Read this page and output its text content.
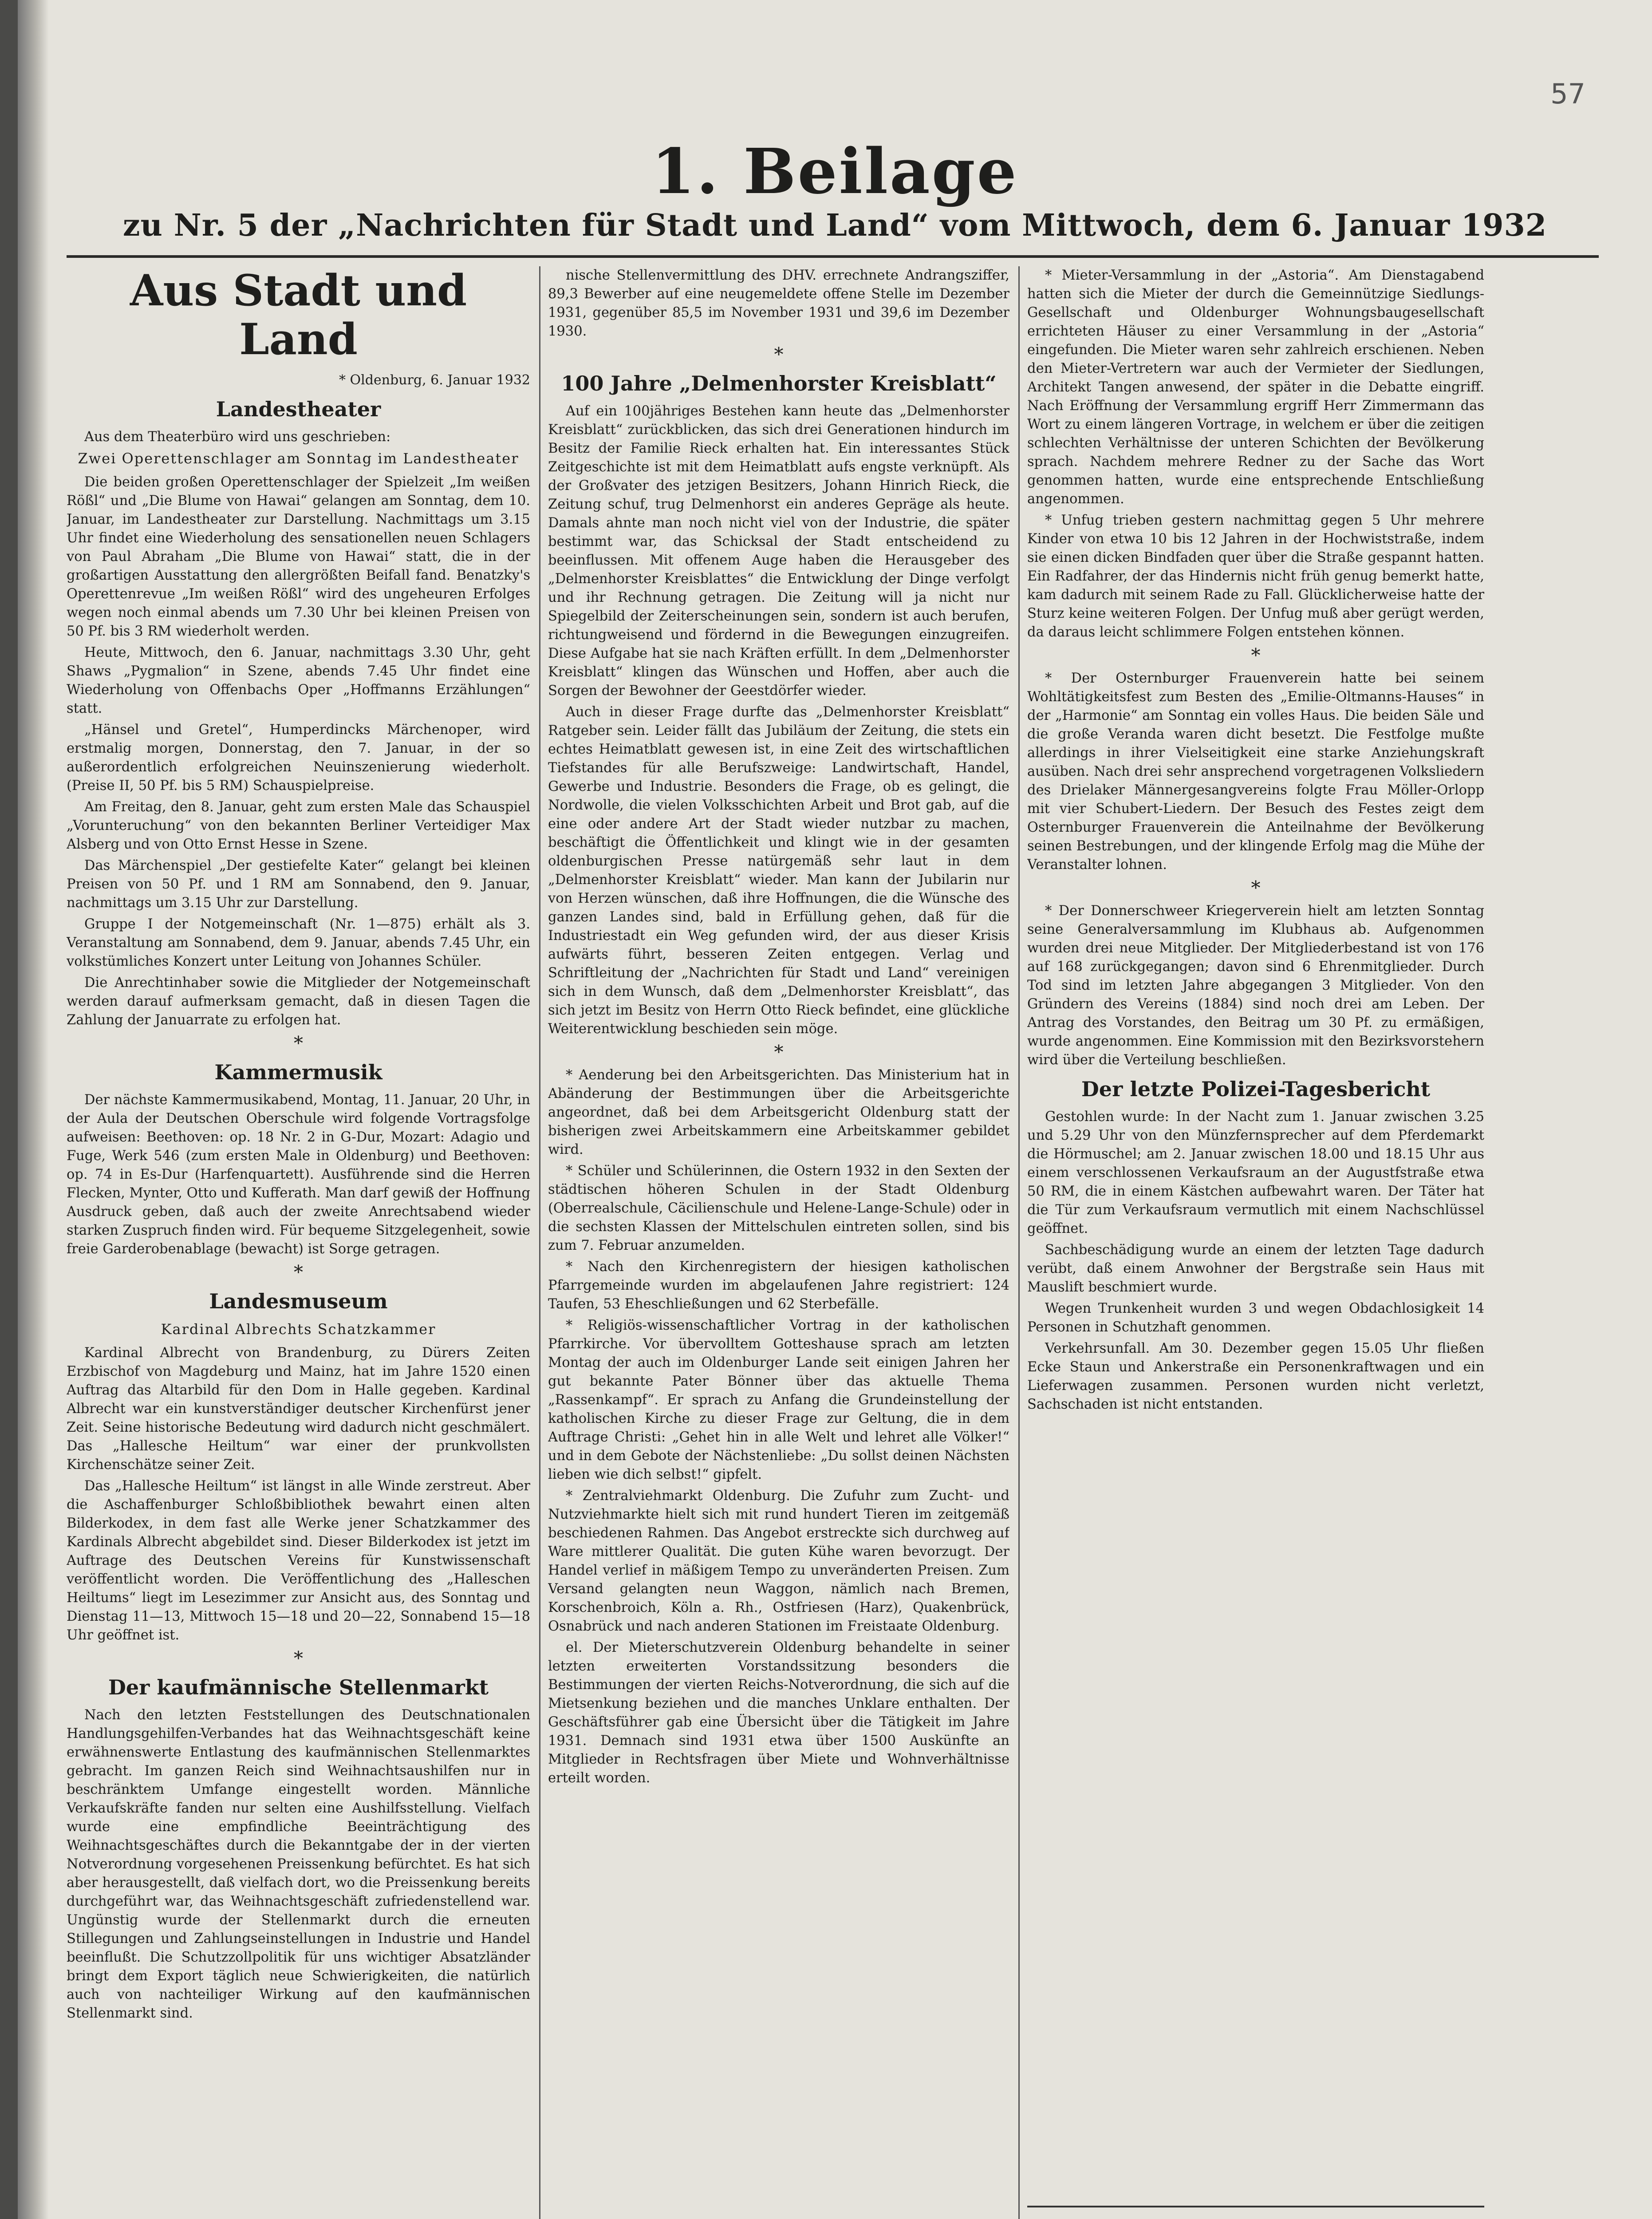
57
1. Beilage
zu Nr. 5 der „Nachrichten für Stadt und Land“ vom Mittwoch, dem 6. Januar 1932
Aus Stadt und Land
* Oldenburg, 6. Januar 1932
Landestheater

Aus dem Theaterbüro wird uns geschrieben:

Zwei Operettenschlager am Sonntag im Landestheater

Die beiden großen Operettenschlager der Spielzeit „Im weißen Rößl“ und „Die Blume von Hawai“ gelangen am Sonntag, dem 10. Januar, im Landestheater zur Darstellung. Nachmittags um 3.15 Uhr findet eine Wiederholung des sensationellen neuen Schlagers von Paul Abraham „Die Blume von Hawai“ statt, die in der großartigen Ausstattung den allergrößten Beifall fand. Benatzky's Operettenrevue „Im weißen Rößl“ wird des ungeheuren Erfolges wegen noch einmal abends um 7.30 Uhr bei kleinen Preisen von 50 Pf. bis 3 RM wiederholt werden.

Heute, Mittwoch, den 6. Januar, nachmittags 3.30 Uhr, geht Shaws „Pygmalion“ in Szene, abends 7.45 Uhr findet eine Wiederholung von Offenbachs Oper „Hoffmanns Erzählungen“ statt.

„Hänsel und Gretel“, Humperdincks Märchenoper, wird erstmalig morgen, Donnerstag, den 7. Januar, in der so außerordentlich erfolgreichen Neuinszenierung wiederholt. (Preise II, 50 Pf. bis 5 RM) Schauspielpreise.

Am Freitag, den 8. Januar, geht zum ersten Male das Schauspiel „Vorunteruchung“ von den bekannten Berliner Verteidiger Max Alsberg und von Otto Ernst Hesse in Szene.

Das Märchenspiel „Der gestiefelte Kater“ gelangt bei kleinen Preisen von 50 Pf. und 1 RM am Sonnabend, den 9. Januar, nachmittags um 3.15 Uhr zur Darstellung.

Gruppe I der Notgemeinschaft (Nr. 1—875) erhält als 3. Veranstaltung am Sonnabend, dem 9. Januar, abends 7.45 Uhr, ein volkstümliches Konzert unter Leitung von Johannes Schüler.

Die Anrechtinhaber sowie die Mitglieder der Notgemeinschaft werden darauf aufmerksam gemacht, daß in diesen Tagen die Zahlung der Januarrate zu erfolgen hat.

*
Kammermusik

Der nächste Kammermusikabend, Montag, 11. Januar, 20 Uhr, in der Aula der Deutschen Oberschule wird folgende Vortragsfolge aufweisen: Beethoven: op. 18 Nr. 2 in G-Dur, Mozart: Adagio und Fuge, Werk 546 (zum ersten Male in Oldenburg) und Beethoven: op. 74 in Es-Dur (Harfenquartett). Ausführende sind die Herren Flecken, Mynter, Otto und Kufferath. Man darf gewiß der Hoffnung Ausdruck geben, daß auch der zweite Anrechtsabend wieder starken Zuspruch finden wird. Für bequeme Sitzgelegenheit, sowie freie Garderobenablage (bewacht) ist Sorge getragen.

*
Landesmuseum
Kardinal Albrechts Schatzkammer

Kardinal Albrecht von Brandenburg, zu Dürers Zeiten Erzbischof von Magdeburg und Mainz, hat im Jahre 1520 einen Auftrag das Altarbild für den Dom in Halle gegeben. Kardinal Albrecht war ein kunstverständiger deutscher Kirchenfürst jener Zeit. Seine historische Bedeutung wird dadurch nicht geschmälert. Das „Hallesche Heiltum“ war einer der prunkvollsten Kirchenschätze seiner Zeit.

Das „Hallesche Heiltum“ ist längst in alle Winde zerstreut. Aber die Aschaffenburger Schloßbibliothek bewahrt einen alten Bilderkodex, in dem fast alle Werke jener Schatzkammer des Kardinals Albrecht abgebildet sind. Dieser Bilderkodex ist jetzt im Auftrage des Deutschen Vereins für Kunstwissenschaft veröffentlicht worden. Die Veröffentlichung des „Halleschen Heiltums“ liegt im Lesezimmer zur Ansicht aus, des Sonntag und Dienstag 11—13, Mittwoch 15—18 und 20—22, Sonnabend 15—18 Uhr geöffnet ist.

*
Der kaufmännische Stellenmarkt

Nach den letzten Feststellungen des Deutschnationalen Handlungsgehilfen-Verbandes hat das Weihnachtsgeschäft keine erwähnenswerte Entlastung des kaufmännischen Stellenmarktes gebracht. Im ganzen Reich sind Weihnachtsaushilfen nur in beschränktem Umfange eingestellt worden. Männliche Verkaufskräfte fanden nur selten eine Aushilfsstellung. Vielfach wurde eine empfindliche Beeinträchtigung des Weihnachtsgeschäftes durch die Bekanntgabe der in der vierten Notverordnung vorgesehenen Preissenkung befürchtet. Es hat sich aber herausgestellt, daß vielfach dort, wo die Preissenkung bereits durchgeführt war, das Weihnachtsgeschäft zufriedenstellend war. Ungünstig wurde der Stellenmarkt durch die erneuten Stillegungen und Zahlungseinstellungen in Industrie und Handel beeinflußt. Die Schutzzollpolitik für uns wichtiger Absatzländer bringt dem Export täglich neue Schwierigkeiten, die natürlich auch von nachteiliger Wirkung auf den kaufmännischen Stellenmarkt sind.

nische Stellenvermittlung des DHV. errechnete Andrangsziffer, 89,3 Bewerber auf eine neugemeldete offene Stelle im Dezember 1931, gegenüber 85,5 im November 1931 und 39,6 im Dezember 1930.

*
100 Jahre „Delmenhorster Kreisblatt“

Auf ein 100jähriges Bestehen kann heute das „Delmenhorster Kreisblatt“ zurückblicken, das sich drei Generationen hindurch im Besitz der Familie Rieck erhalten hat. Ein interessantes Stück Zeitgeschichte ist mit dem Heimatblatt aufs engste verknüpft. Als der Großvater des jetzigen Besitzers, Johann Hinrich Rieck, die Zeitung schuf, trug Delmenhorst ein anderes Gepräge als heute. Damals ahnte man noch nicht viel von der Industrie, die später bestimmt war, das Schicksal der Stadt entscheidend zu beeinflussen. Mit offenem Auge haben die Herausgeber des „Delmenhorster Kreisblattes“ die Entwicklung der Dinge verfolgt und ihr Rechnung getragen. Die Zeitung will ja nicht nur Spiegelbild der Zeiterscheinungen sein, sondern ist auch berufen, richtungweisend und fördernd in die Bewegungen einzugreifen. Diese Aufgabe hat sie nach Kräften erfüllt. In dem „Delmenhorster Kreisblatt“ klingen das Wünschen und Hoffen, aber auch die Sorgen der Bewohner der Geestdörfer wieder.

Auch in dieser Frage durfte das „Delmenhorster Kreisblatt“ Ratgeber sein. Leider fällt das Jubiläum der Zeitung, die stets ein echtes Heimatblatt gewesen ist, in eine Zeit des wirtschaftlichen Tiefstandes für alle Berufszweige: Landwirtschaft, Handel, Gewerbe und Industrie. Besonders die Frage, ob es gelingt, die Nordwolle, die vielen Volksschichten Arbeit und Brot gab, auf die eine oder andere Art der Stadt wieder nutzbar zu machen, beschäftigt die Öffentlichkeit und klingt wie in der gesamten oldenburgischen Presse natürgemäß sehr laut in dem „Delmenhorster Kreisblatt“ wieder. Man kann der Jubilarin nur von Herzen wünschen, daß ihre Hoffnungen, die die Wünsche des ganzen Landes sind, bald in Erfüllung gehen, daß für die Industriestadt ein Weg gefunden wird, der aus dieser Krisis aufwärts führt, besseren Zeiten entgegen. Verlag und Schriftleitung der „Nachrichten für Stadt und Land“ vereinigen sich in dem Wunsch, daß dem „Delmenhorster Kreisblatt“, das sich jetzt im Besitz von Herrn Otto Rieck befindet, eine glückliche Weiterentwicklung beschieden sein möge.

*

* Aenderung bei den Arbeitsgerichten. Das Ministerium hat in Abänderung der Bestimmungen über die Arbeitsgerichte angeordnet, daß bei dem Arbeitsgericht Oldenburg statt der bisherigen zwei Arbeitskammern eine Arbeitskammer gebildet wird.

* Schüler und Schülerinnen, die Ostern 1932 in den Sexten der städtischen höheren Schulen in der Stadt Oldenburg (Oberrealschule, Cäcilienschule und Helene-Lange-Schule) oder in die sechsten Klassen der Mittelschulen eintreten sollen, sind bis zum 7. Februar anzumelden.

* Nach den Kirchenregistern der hiesigen katholischen Pfarrgemeinde wurden im abgelaufenen Jahre registriert: 124 Taufen, 53 Eheschließungen und 62 Sterbefälle.

* Religiös-wissenschaftlicher Vortrag in der katholischen Pfarrkirche. Vor übervolltem Gotteshause sprach am letzten Montag der auch im Oldenburger Lande seit einigen Jahren her gut bekannte Pater Bönner über das aktuelle Thema „Rassenkampf“. Er sprach zu Anfang die Grundeinstellung der katholischen Kirche zu dieser Frage zur Geltung, die in dem Auftrage Christi: „Gehet hin in alle Welt und lehret alle Völker!“ und in dem Gebote der Nächstenliebe: „Du sollst deinen Nächsten lieben wie dich selbst!“ gipfelt.

* Zentralviehmarkt Oldenburg. Die Zufuhr zum Zucht- und Nutzviehmarkte hielt sich mit rund hundert Tieren im zeitgemäß beschiedenen Rahmen. Das Angebot erstreckte sich durchweg auf Ware mittlerer Qualität. Die guten Kühe waren bevorzugt. Der Handel verlief in mäßigem Tempo zu unveränderten Preisen. Zum Versand gelangten neun Waggon, nämlich nach Bremen, Korschenbroich, Köln a. Rh., Ostfriesen (Harz), Quakenbrück, Osnabrück und nach anderen Stationen im Freistaate Oldenburg.

el. Der Mieterschutzverein Oldenburg behandelte in seiner letzten erweiterten Vorstandssitzung besonders die Bestimmungen der vierten Reichs-Notverordnung, die sich auf die Mietsenkung beziehen und die manches Unklare enthalten. Der Geschäftsführer gab eine Übersicht über die Tätigkeit im Jahre 1931. Demnach sind 1931 etwa über 1500 Auskünfte an Mitglieder in Rechtsfragen über Miete und Wohnverhältnisse erteilt worden.

* Mieter-Versammlung in der „Astoria“. Am Dienstagabend hatten sich die Mieter der durch die Gemeinnützige Siedlungs-Gesellschaft und Oldenburger Wohnungsbaugesellschaft errichteten Häuser zu einer Versammlung in der „Astoria“ eingefunden. Die Mieter waren sehr zahlreich erschienen. Neben den Mieter-Vertretern war auch der Vermieter der Siedlungen, Architekt Tangen anwesend, der später in die Debatte eingriff. Nach Eröffnung der Versammlung ergriff Herr Zimmermann das Wort zu einem längeren Vortrage, in welchem er über die zeitigen schlechten Verhältnisse der unteren Schichten der Bevölkerung sprach. Nachdem mehrere Redner zu der Sache das Wort genommen hatten, wurde eine entsprechende Entschließung angenommen.

* Unfug trieben gestern nachmittag gegen 5 Uhr mehrere Kinder von etwa 10 bis 12 Jahren in der Hochwiststraße, indem sie einen dicken Bindfaden quer über die Straße gespannt hatten. Ein Radfahrer, der das Hindernis nicht früh genug bemerkt hatte, kam dadurch mit seinem Rade zu Fall. Glücklicherweise hatte der Sturz keine weiteren Folgen. Der Unfug muß aber gerügt werden, da daraus leicht schlimmere Folgen entstehen können.

*

* Der Osternburger Frauenverein hatte bei seinem Wohltätigkeitsfest zum Besten des „Emilie-Oltmanns-Hauses“ in der „Harmonie“ am Sonntag ein volles Haus. Die beiden Säle und die große Veranda waren dicht besetzt. Die Festfolge mußte allerdings in ihrer Vielseitigkeit eine starke Anziehungskraft ausüben. Nach drei sehr ansprechend vorgetragenen Volksliedern des Drielaker Männergesangvereins folgte Frau Möller-Orlopp mit vier Schubert-Liedern. Der Besuch des Festes zeigt dem Osternburger Frauenverein die Anteilnahme der Bevölkerung seinen Bestrebungen, und der klingende Erfolg mag die Mühe der Veranstalter lohnen.

*

* Der Donnerschweer Kriegerverein hielt am letzten Sonntag seine Generalversammlung im Klubhaus ab. Aufgenommen wurden drei neue Mitglieder. Der Mitgliederbestand ist von 176 auf 168 zurückgegangen; davon sind 6 Ehrenmitglieder. Durch Tod sind im letzten Jahre abgegangen 3 Mitglieder. Von den Gründern des Vereins (1884) sind noch drei am Leben. Der Antrag des Vorstandes, den Beitrag um 30 Pf. zu ermäßigen, wurde angenommen. Eine Kommission mit den Bezirksvorstehern wird über die Verteilung beschließen.

Der letzte Polizei-Tagesbericht

Gestohlen wurde: In der Nacht zum 1. Januar zwischen 3.25 und 5.29 Uhr von den Münzfernsprecher auf dem Pferdemarkt die Hörmuschel; am 2. Januar zwischen 18.00 und 18.15 Uhr aus einem verschlossenen Verkaufsraum an der Augustfstraße etwa 50 RM, die in einem Kästchen aufbewahrt waren. Der Täter hat die Tür zum Verkaufsraum vermutlich mit einem Nachschlüssel geöffnet.

Sachbeschädigung wurde an einem der letzten Tage dadurch verübt, daß einem Anwohner der Bergstraße sein Haus mit Mauslift beschmiert wurde.

Wegen Trunkenheit wurden 3 und wegen Obdachlosigkeit 14 Personen in Schutzhaft genommen.

Verkehrsunfall. Am 30. Dezember gegen 15.05 Uhr fließen Ecke Staun und Ankerstraße ein Personenkraftwagen und ein Lieferwagen zusammen. Personen wurden nicht verletzt, Sachschaden ist nicht entstanden.
